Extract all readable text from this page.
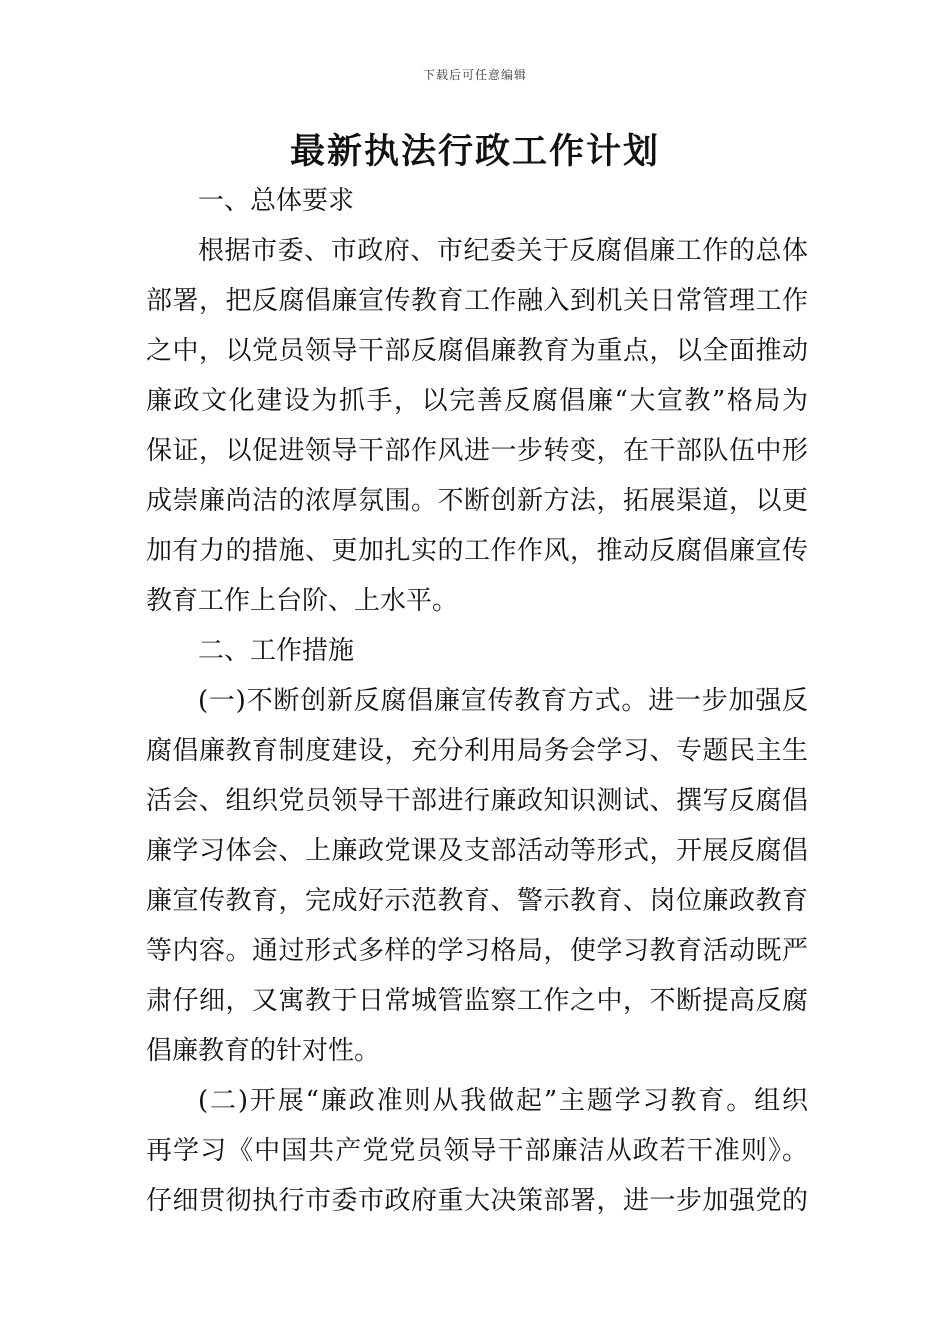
下载后可任意编辑
最新执法行政工作计划
一、总体要求
根据市委、市政府、市纪委关于反腐倡廉工作的总体
部署，把反腐倡廉宣传教育工作融入到机关日常管理工作
之中，以党员领导干部反腐倡廉教育为重点，以全面推动
廉政文化建设为抓手，以完善反腐倡廉“大宣教”格局为
保证，以促进领导干部作风进一步转变，在干部队伍中形
成崇廉尚洁的浓厚氛围。不断创新方法，拓展渠道，以更
加有力的措施、更加扎实的工作作风，推动反腐倡廉宣传
教育工作上台阶、上水平。
二、工作措施
(一)不断创新反腐倡廉宣传教育方式。进一步加强反
腐倡廉教育制度建设，充分利用局务会学习、专题民主生
活会、组织党员领导干部进行廉政知识测试、撰写反腐倡
廉学习体会、上廉政党课及支部活动等形式，开展反腐倡
廉宣传教育，完成好示范教育、警示教育、岗位廉政教育
等内容。通过形式多样的学习格局，使学习教育活动既严
肃仔细，又寓教于日常城管监察工作之中，不断提高反腐
倡廉教育的针对性。
(二)开展“廉政准则从我做起”主题学习教育。组织
再学习《中国共产党党员领导干部廉洁从政若干准则》。
仔细贯彻执行市委市政府重大决策部署，进一步加强党的
